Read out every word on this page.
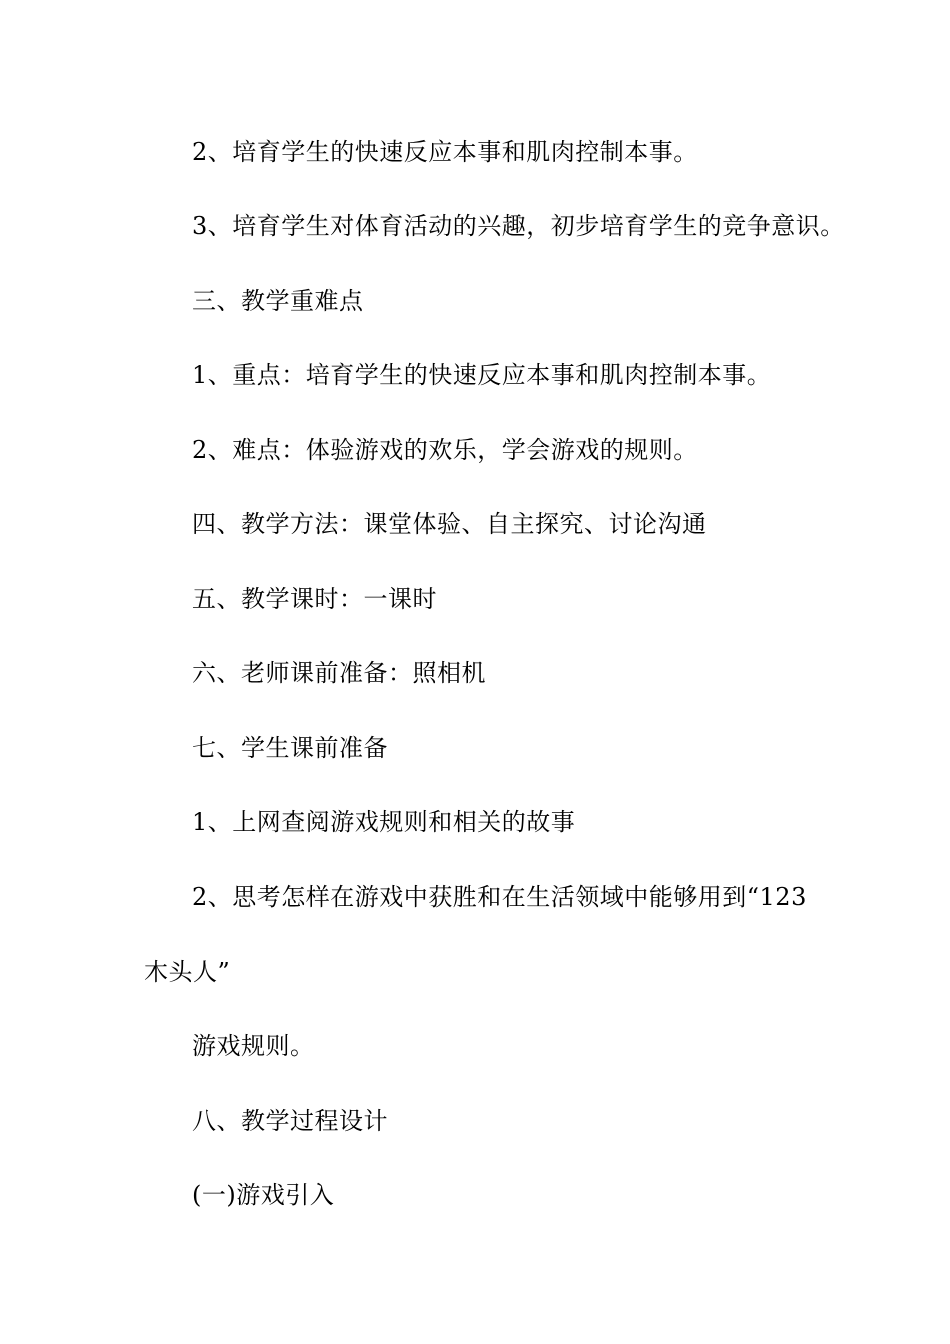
2、培育学生的快速反应本事和肌肉控制本事。
3、培育学生对体育活动的兴趣，初步培育学生的竞争意识。
三、教学重难点
1、重点：培育学生的快速反应本事和肌肉控制本事。
2、难点：体验游戏的欢乐，学会游戏的规则。
四、教学方法：课堂体验、自主探究、讨论沟通
五、教学课时：一课时
六、老师课前准备：照相机
七、学生课前准备
1、上网查阅游戏规则和相关的故事
2、思考怎样在游戏中获胜和在生活领域中能够用到“123
木头人”
游戏规则。
八、教学过程设计
(一)游戏引入
